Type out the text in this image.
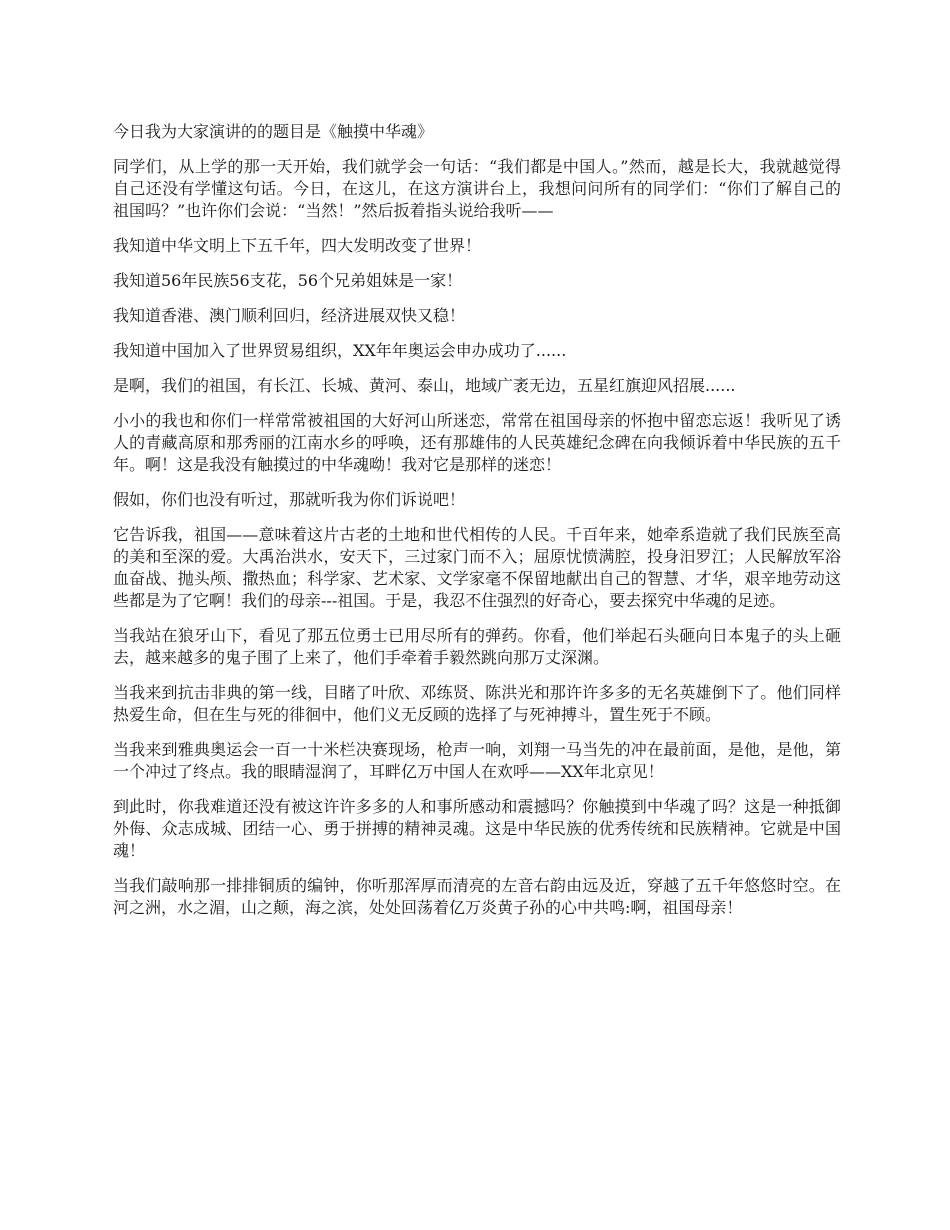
今日我为大家演讲的的题目是《触摸中华魂》

同学们，从上学的那一天开始，我们就学会一句话：“我们都是中国人。”然而，越是长大，我就越觉得自己还没有学懂这句话。今日，在这儿，在这方演讲台上，我想问问所有的同学们：“你们了解自己的祖国吗？”也许你们会说：“当然！”然后扳着指头说给我听——

我知道中华文明上下五千年，四大发明改变了世界！

我知道56年民族56支花，56个兄弟姐妹是一家！

我知道香港、澳门顺利回归，经济进展双快又稳！

我知道中国加入了世界贸易组织，XX年年奥运会申办成功了......

是啊，我们的祖国，有长江、长城、黄河、泰山，地域广袤无边，五星红旗迎风招展......

小小的我也和你们一样常常被祖国的大好河山所迷恋，常常在祖国母亲的怀抱中留恋忘返！我听见了诱人的青藏高原和那秀丽的江南水乡的呼唤，还有那雄伟的人民英雄纪念碑在向我倾诉着中华民族的五千年。啊！这是我没有触摸过的中华魂呦！我对它是那样的迷恋！

假如，你们也没有听过，那就听我为你们诉说吧！

它告诉我，祖国——意味着这片古老的土地和世代相传的人民。千百年来，她牵系造就了我们民族至高的美和至深的爱。大禹治洪水，安天下，三过家门而不入；屈原忧愤满腔，投身汨罗江；人民解放军浴血奋战、抛头颅、撒热血；科学家、艺术家、文学家毫不保留地献出自己的智慧、才华，艰辛地劳动这些都是为了它啊！我们的母亲---祖国。于是，我忍不住强烈的好奇心，要去探究中华魂的足迹。

当我站在狼牙山下，看见了那五位勇士已用尽所有的弹药。你看，他们举起石头砸向日本鬼子的头上砸去，越来越多的鬼子围了上来了，他们手牵着手毅然跳向那万丈深渊。

当我来到抗击非典的第一线，目睹了叶欣、邓练贤、陈洪光和那许许多多的无名英雄倒下了。他们同样热爱生命，但在生与死的徘徊中，他们义无反顾的选择了与死神搏斗，置生死于不顾。

当我来到雅典奥运会一百一十米栏决赛现场，枪声一响，刘翔一马当先的冲在最前面，是他，是他，第一个冲过了终点。我的眼睛湿润了，耳畔亿万中国人在欢呼——XX年北京见！

到此时，你我难道还没有被这许许多多的人和事所感动和震撼吗？你触摸到中华魂了吗？这是一种抵御外侮、众志成城、团结一心、勇于拼搏的精神灵魂。这是中华民族的优秀传统和民族精神。它就是中国魂！

当我们敲响那一排排铜质的编钟，你听那浑厚而清亮的左音右韵由远及近，穿越了五千年悠悠时空。在河之洲，水之湄，山之颠，海之滨，处处回荡着亿万炎黄子孙的心中共鸣:啊，祖国母亲！
